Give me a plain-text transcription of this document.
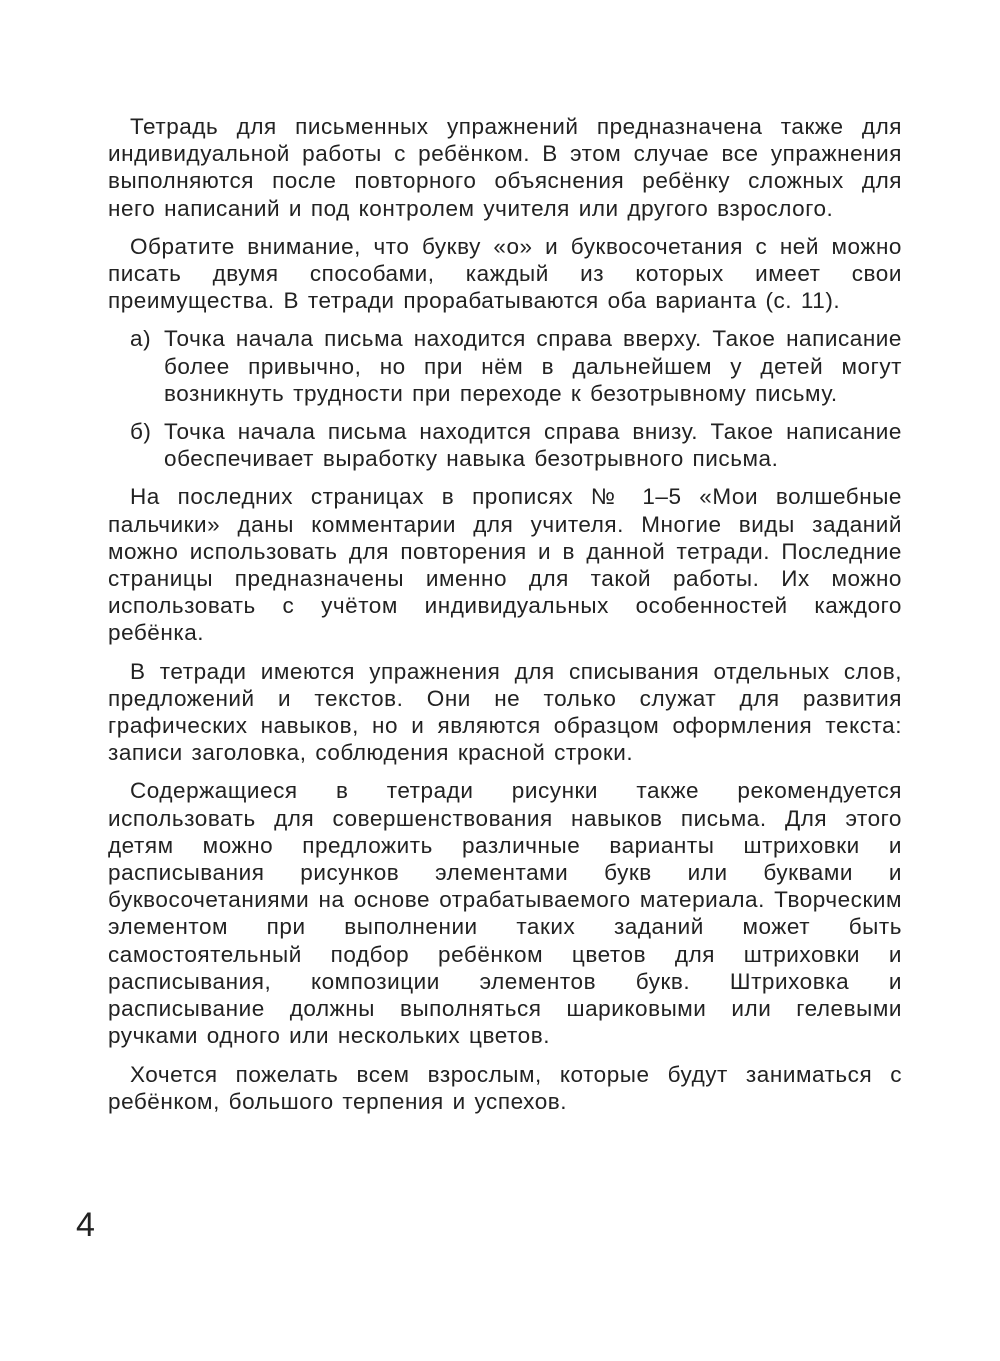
Тетрадь для письменных упражнений предназначена также для индивидуальной работы с ребёнком. В этом случае все упражнения выполняются после повторного объяснения ребёнку сложных для него написаний и под контролем учителя или другого взрослого.

Обратите внимание, что букву «о» и буквосочетания с ней можно писать двумя способами, каждый из которых имеет свои преимущества. В тетради прорабатываются оба варианта (с. 11).

а) Точка начала письма находится справа вверху. Такое написание более привычно, но при нём в дальнейшем у детей могут возникнуть трудности при переходе к безотрывному письму.
б) Точка начала письма находится справа внизу. Такое написание обеспечивает выработку навыка безотрывного письма.

На последних страницах в прописях № 1–5 «Мои волшебные пальчики» даны комментарии для учителя. Многие виды заданий можно использовать для повторения и в данной тетради. Последние страницы предназначены именно для такой работы. Их можно использовать с учётом индивидуальных особенностей каждого ребёнка.

В тетради имеются упражнения для списывания отдельных слов, предложений и текстов. Они не только служат для развития графических навыков, но и являются образцом оформления текста: записи заголовка, соблюдения красной строки.

Содержащиеся в тетради рисунки также рекомендуется использовать для совершенствования навыков письма. Для этого детям можно предложить различные варианты штриховки и расписывания рисунков элементами букв или буквами и буквосочетаниями на основе отрабатываемого материала. Творческим элементом при выполнении таких заданий может быть самостоятельный подбор ребёнком цветов для штриховки и расписывания, композиции элементов букв. Штриховка и расписывание должны выполняться шариковыми или гелевыми ручками одного или нескольких цветов.

Хочется пожелать всем взрослым, которые будут заниматься с ребёнком, большого терпения и успехов.

4
